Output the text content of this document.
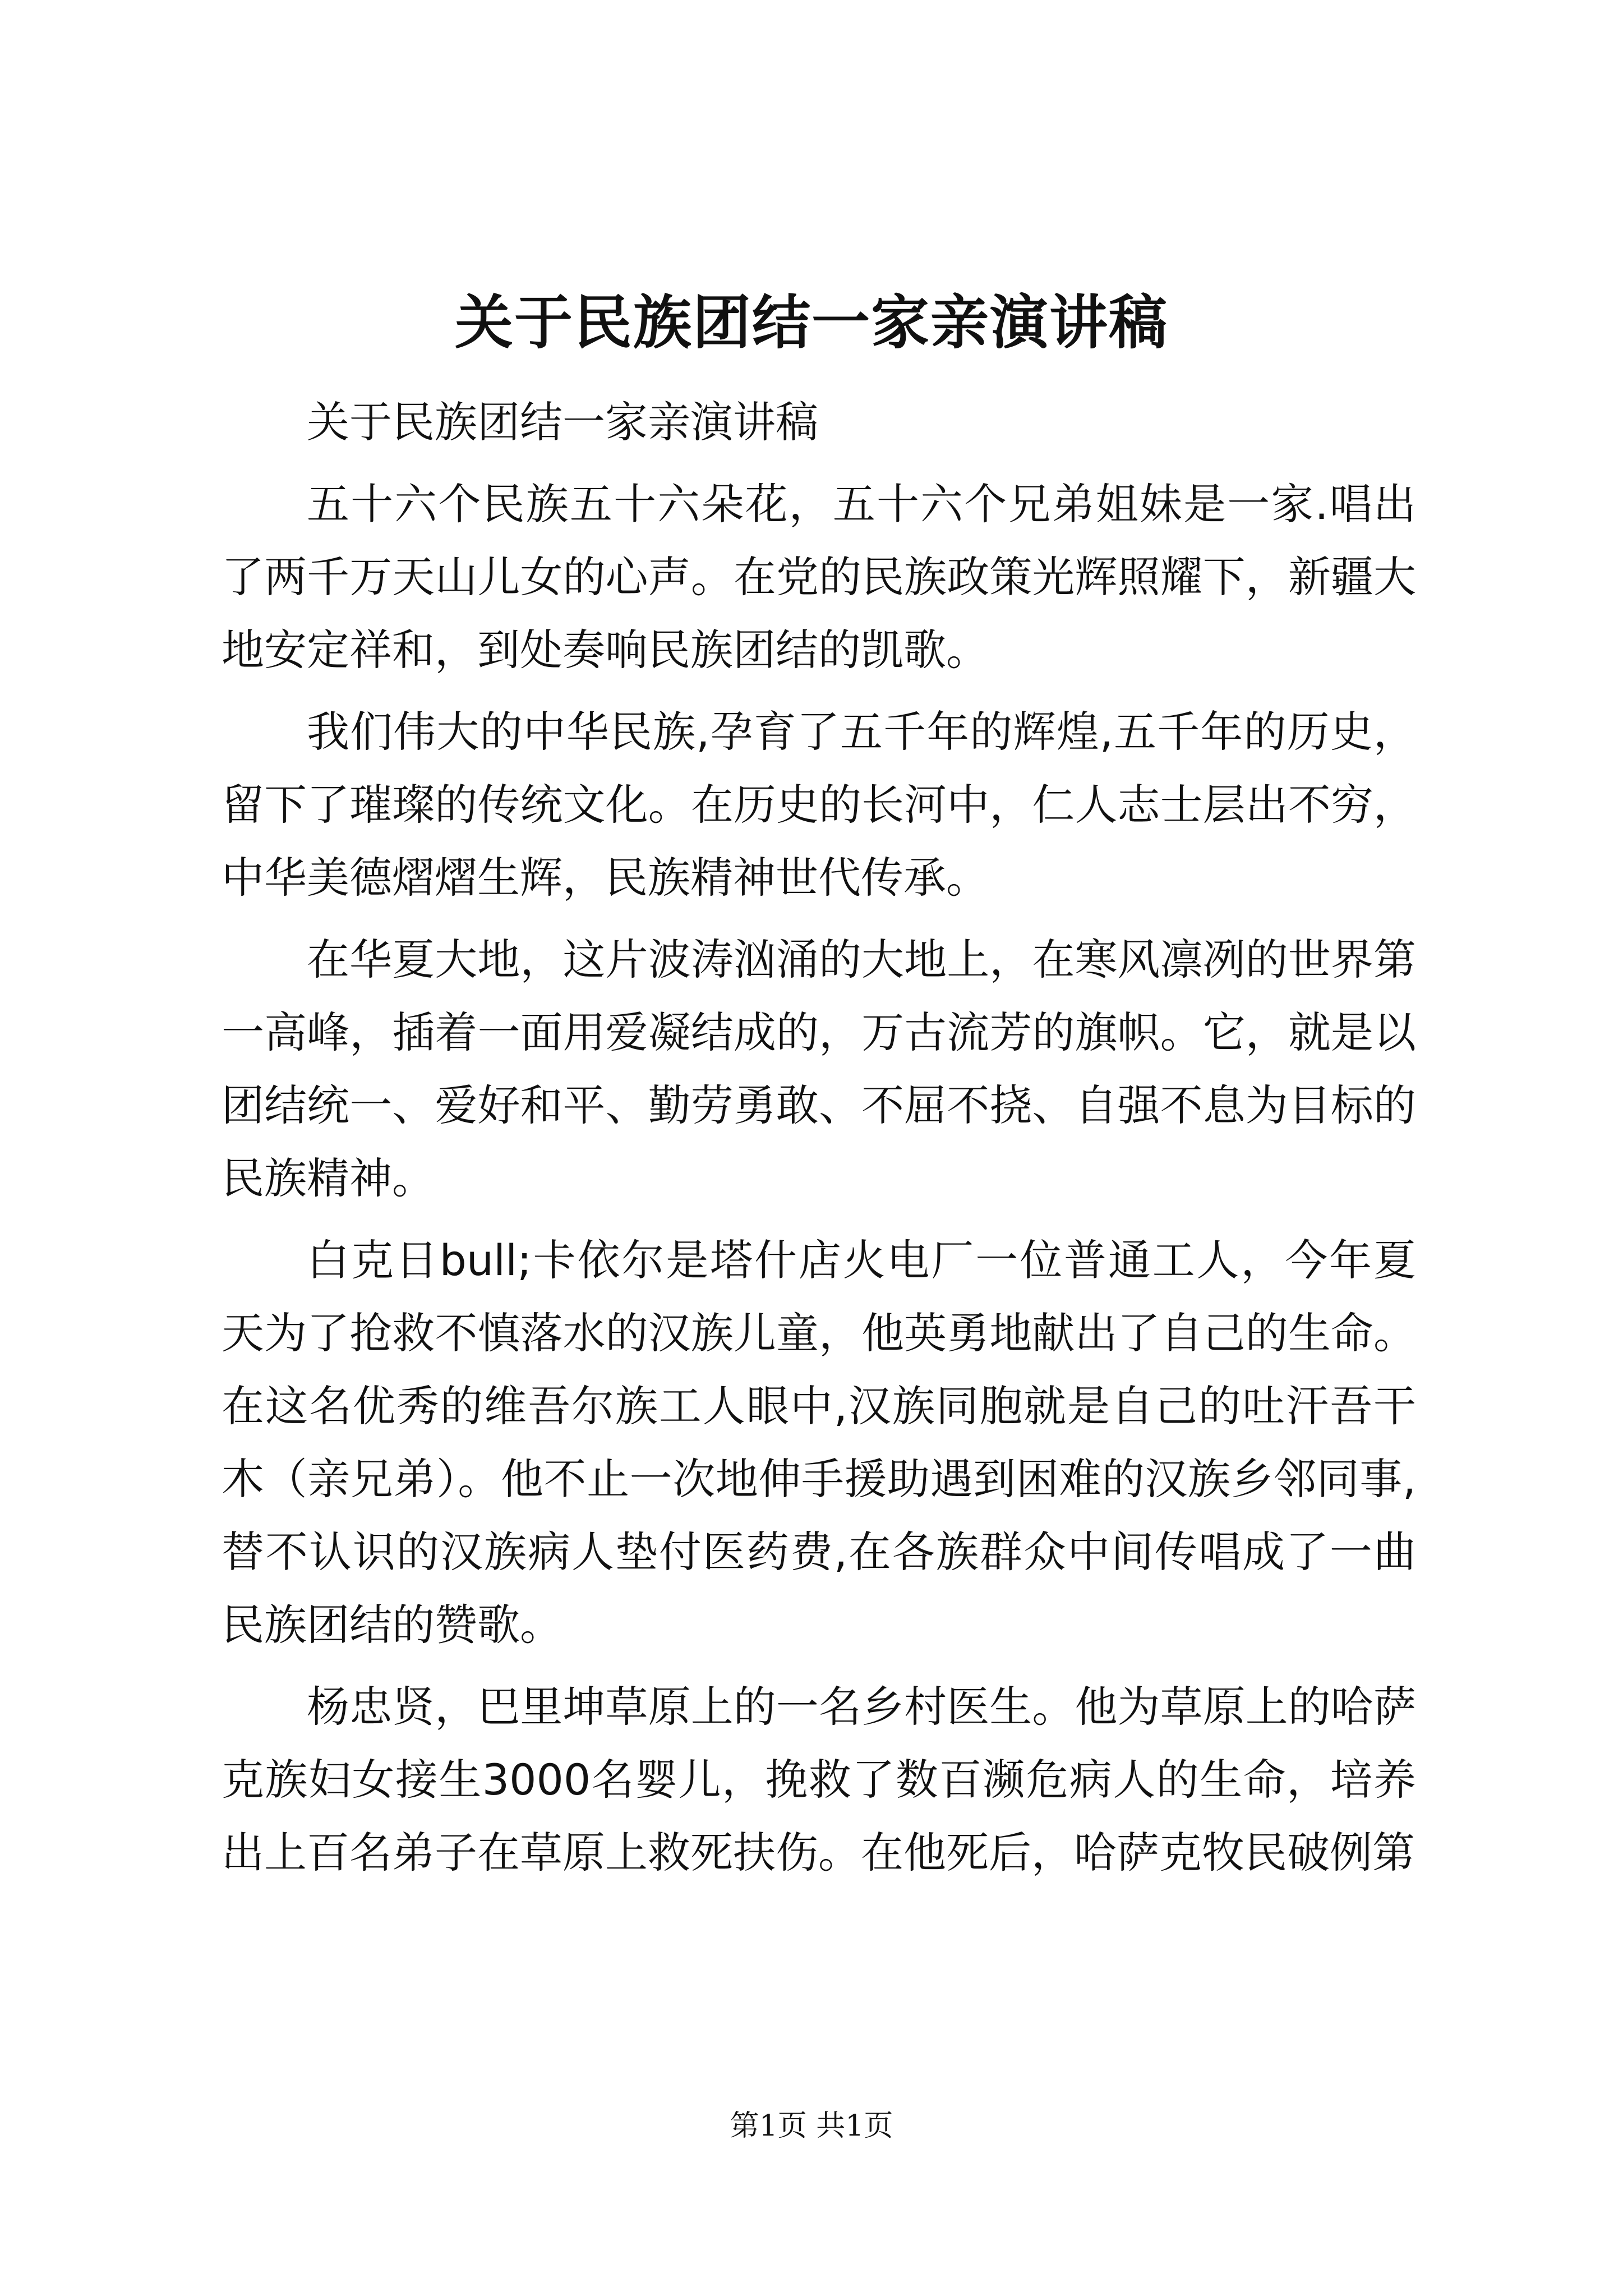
关于民族团结一家亲演讲稿

关于民族团结一家亲演讲稿

五十六个民族五十六朵花，五十六个兄弟姐妹是一家.唱出了两千万天山儿女的心声。在党的民族政策光辉照耀下，新疆大地安定祥和，到处奏响民族团结的凯歌。

我们伟大的中华民族,孕育了五千年的辉煌,五千年的历史，留下了璀璨的传统文化。在历史的长河中，仁人志士层出不穷，中华美德熠熠生辉，民族精神世代传承。

在华夏大地，这片波涛汹涌的大地上，在寒风凛冽的世界第一高峰，插着一面用爱凝结成的，万古流芳的旗帜。它，就是以团结统一、爱好和平、勤劳勇敢、不屈不挠、自强不息为目标的民族精神。

白克日bull;卡依尔是塔什店火电厂一位普通工人，今年夏天为了抢救不慎落水的汉族儿童，他英勇地献出了自己的生命。在这名优秀的维吾尔族工人眼中,汉族同胞就是自己的吐汗吾干木（亲兄弟）。他不止一次地伸手援助遇到困难的汉族乡邻同事,替不认识的汉族病人垫付医药费,在各族群众中间传唱成了一曲民族团结的赞歌。

杨忠贤，巴里坤草原上的一名乡村医生。他为草原上的哈萨克族妇女接生3000名婴儿，挽救了数百濒危病人的生命，培养出上百名弟子在草原上救死扶伤。在他死后，哈萨克牧民破例第

第1页 共1页
